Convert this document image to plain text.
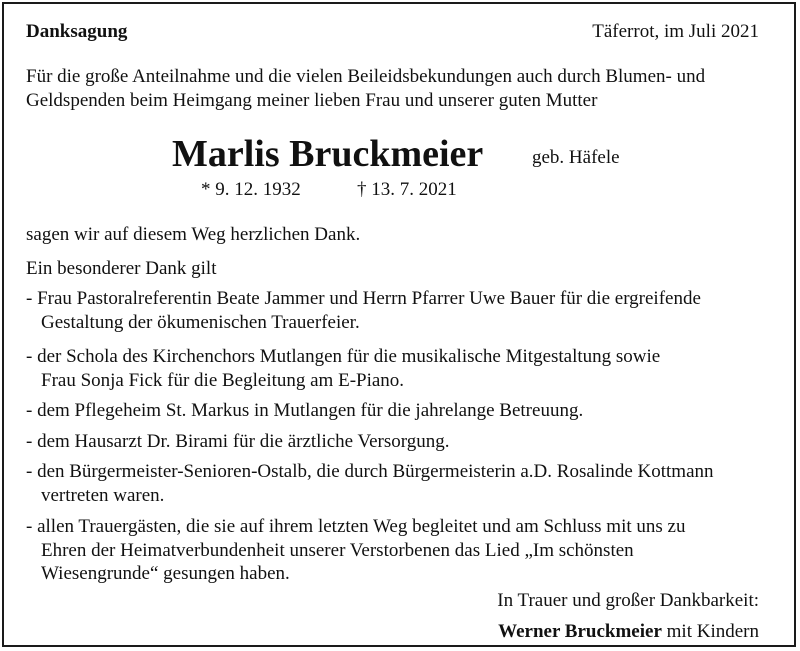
Danksagung	Täferrot, im Juli 2021
Für die große Anteilnahme und die vielen Beileidsbekundungen auch durch Blumen- und
Geldspenden beim Heimgang meiner lieben Frau und unserer guten Mutter
Marlis Bruckmeier	geb. Häfele
* 9. 12. 1932	† 13. 7. 2021
sagen wir auf diesem Weg herzlichen Dank.
Ein besonderer Dank gilt
- Frau Pastoralreferentin Beate Jammer und Herrn Pfarrer Uwe Bauer für die ergreifende
Gestaltung der ökumenischen Trauerfeier.
- der Schola des Kirchenchors Mutlangen für die musikalische Mitgestaltung sowie
Frau Sonja Fick für die Begleitung am E-Piano.
- dem Pflegeheim St. Markus in Mutlangen für die jahrelange Betreuung.
- dem Hausarzt Dr. Birami für die ärztliche Versorgung.
- den Bürgermeister-Senioren-Ostalb, die durch Bürgermeisterin a.D. Rosalinde Kottmann
vertreten waren.
- allen Trauergästen, die sie auf ihrem letzten Weg begleitet und am Schluss mit uns zu
Ehren der Heimatverbundenheit unserer Verstorbenen das Lied „Im schönsten
Wiesengrunde“ gesungen haben.
In Trauer und großer Dankbarkeit:
Werner Bruckmeier mit Kindern
